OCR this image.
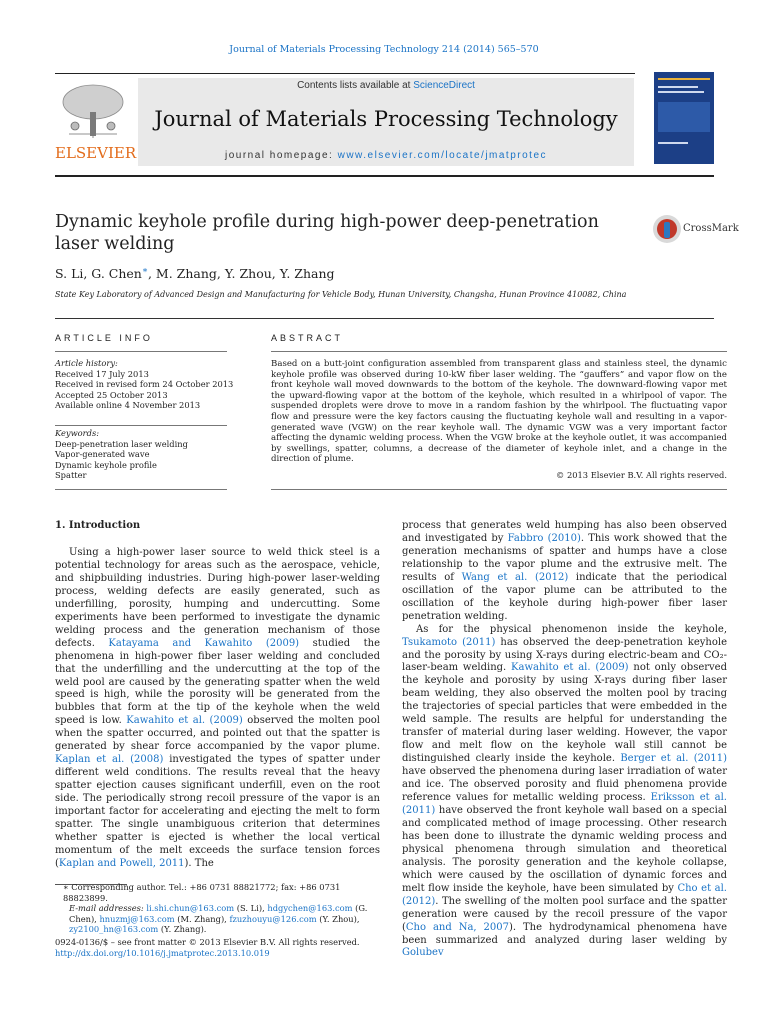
Journal of Materials Processing Technology 214 (2014) 565–570
ELSEVIER
Contents lists available at ScienceDirect
Journal of Materials Processing Technology
journal homepage: www.elsevier.com/locate/jmatprotec
Dynamic keyhole profile during high-power deep-penetration laser welding
CrossMark
S. Li, G. Chen∗, M. Zhang, Y. Zhou, Y. Zhang
State Key Laboratory of Advanced Design and Manufacturing for Vehicle Body, Hunan University, Changsha, Hunan Province 410082, China
ARTICLE INFO
Article history:
Received 17 July 2013
Received in revised form 24 October 2013
Accepted 25 October 2013
Available online 4 November 2013
Keywords:
Deep-penetration laser welding
Vapor-generated wave
Dynamic keyhole profile
Spatter
ABSTRACT
Based on a butt-joint configuration assembled from transparent glass and stainless steel, the dynamic keyhole profile was observed during 10-kW fiber laser welding. The “gauffers” and vapor flow on the front keyhole wall moved downwards to the bottom of the keyhole. The downward-flowing vapor met the upward-flowing vapor at the bottom of the keyhole, which resulted in a whirlpool of vapor. The suspended droplets were drove to move in a random fashion by the whirlpool. The fluctuating vapor flow and pressure were the key factors causing the fluctuating keyhole wall and resulting in a vapor-generated wave (VGW) on the rear keyhole wall. The dynamic VGW was a very important factor affecting the dynamic welding process. When the VGW broke at the keyhole outlet, it was accompanied by swellings, spatter, columns, a decrease of the diameter of keyhole inlet, and a change in the direction of plume.
© 2013 Elsevier B.V. All rights reserved.
1. Introduction

Using a high-power laser source to weld thick steel is a potential technology for areas such as the aerospace, vehicle, and shipbuilding industries. During high-power laser-welding process, welding defects are easily generated, such as underfilling, porosity, humping and undercutting. Some experiments have been performed to investigate the dynamic welding process and the generation mechanism of those defects. Katayama and Kawahito (2009) studied the phenomena in high-power fiber laser welding and concluded that the underfilling and the undercutting at the top of the weld pool are caused by the generating spatter when the weld speed is high, while the porosity will be generated from the bubbles that form at the tip of the keyhole when the weld speed is low. Kawahito et al. (2009) observed the molten pool when the spatter occurred, and pointed out that the spatter is generated by shear force accompanied by the vapor plume. Kaplan et al. (2008) investigated the types of spatter under different weld conditions. The results reveal that the heavy spatter ejection causes significant underfill, even on the root side. The periodically strong recoil pressure of the vapor is an important factor for accelerating and ejecting the melt to form spatter. The single unambiguous criterion that determines whether spatter is ejected is whether the local vertical momentum of the melt exceeds the surface tension forces (Kaplan and Powell, 2011). The

∗ Corresponding author. Tel.: +86 0731 88821772; fax: +86 0731 88823899.
E-mail addresses: li.shi.chun@163.com (S. Li), hdgychen@163.com (G. Chen), hnuzmj@163.com (M. Zhang), fzuzhouyu@126.com (Y. Zhou), zy2100_hn@163.com (Y. Zhang).
0924-0136/$ – see front matter © 2013 Elsevier B.V. All rights reserved.
http://dx.doi.org/10.1016/j.jmatprotec.2013.10.019

process that generates weld humping has also been observed and investigated by Fabbro (2010). This work showed that the generation mechanisms of spatter and humps have a close relationship to the vapor plume and the extrusive melt. The results of Wang et al. (2012) indicate that the periodical oscillation of the vapor plume can be attributed to the oscillation of the keyhole during high-power fiber laser penetration welding.

As for the physical phenomenon inside the keyhole, Tsukamoto (2011) has observed the deep-penetration keyhole and the porosity by using X-rays during electric-beam and CO₂-laser-beam welding. Kawahito et al. (2009) not only observed the keyhole and porosity by using X-rays during fiber laser beam welding, they also observed the molten pool by tracing the trajectories of special particles that were embedded in the weld sample. The results are helpful for understanding the transfer of material during laser welding. However, the vapor flow and melt flow on the keyhole wall still cannot be distinguished clearly inside the keyhole. Berger et al. (2011) have observed the phenomena during laser irradiation of water and ice. The observed porosity and fluid phenomena provide reference values for metallic welding process. Eriksson et al. (2011) have observed the front keyhole wall based on a special and complicated method of image processing. Other research has been done to illustrate the dynamic welding process and physical phenomena through simulation and theoretical analysis. The porosity generation and the keyhole collapse, which were caused by the oscillation of dynamic forces and melt flow inside the keyhole, have been simulated by Cho et al. (2012). The swelling of the molten pool surface and the spatter generation were caused by the recoil pressure of the vapor (Cho and Na, 2007). The hydrodynamical phenomena have been summarized and analyzed during laser welding by Golubev
